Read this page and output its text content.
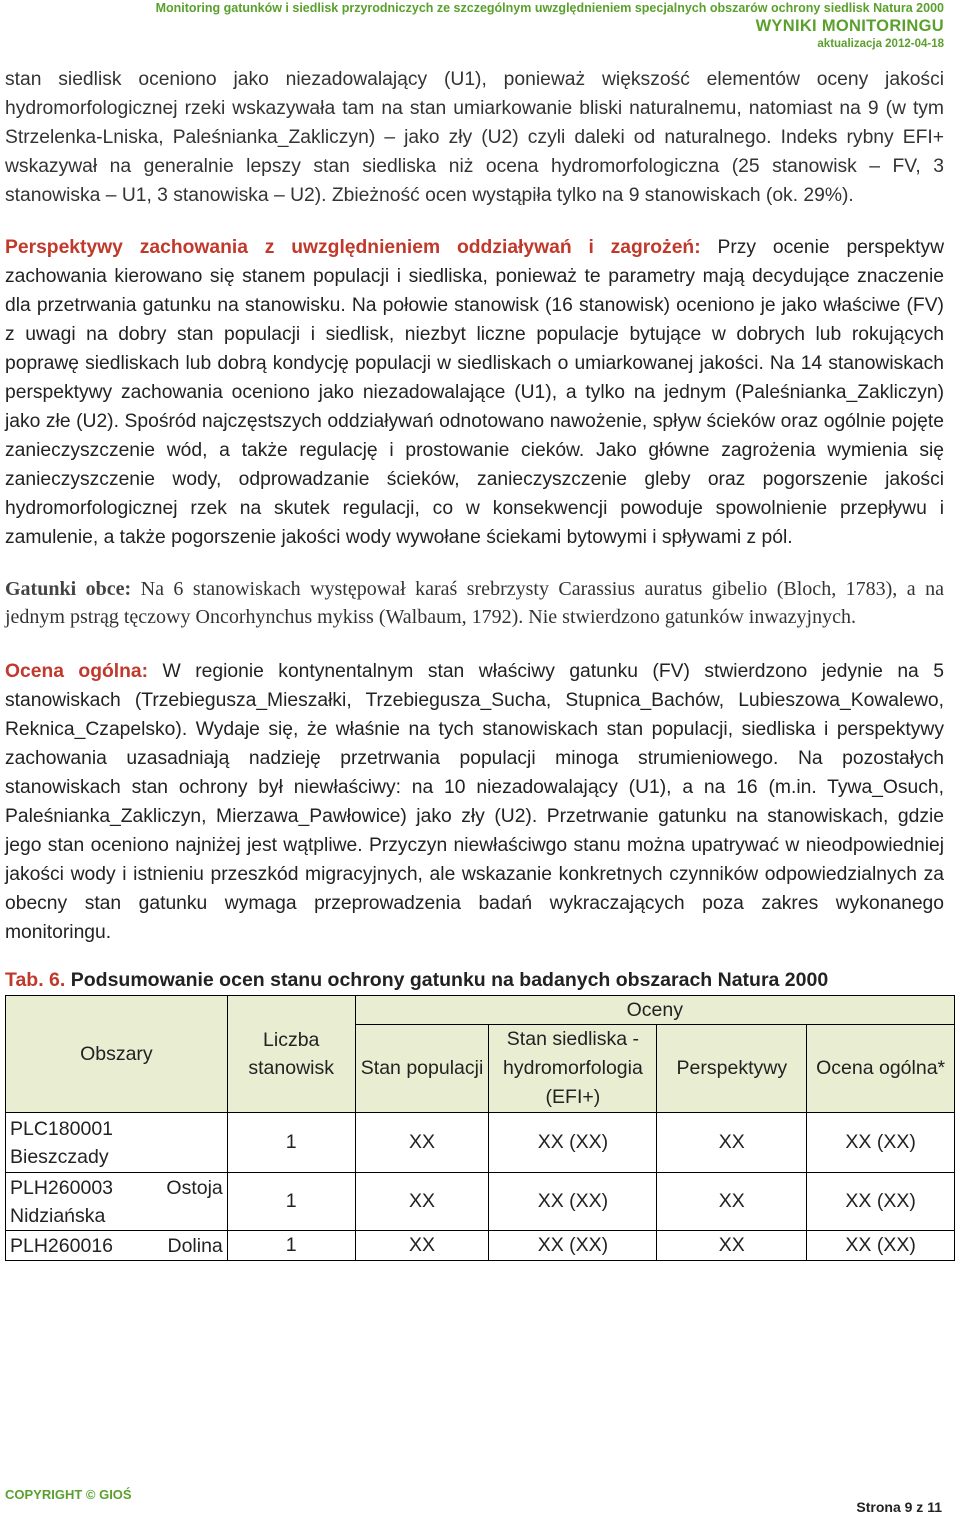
Monitoring gatunków i siedlisk przyrodniczych ze szczególnym uwzględnieniem specjalnych obszarów ochrony siedlisk Natura 2000
WYNIKI MONITORINGU
aktualizacja 2012-04-18

stan siedlisk oceniono jako niezadowalający (U1), ponieważ większość elementów oceny jakości hydromorfologicznej rzeki wskazywała tam na stan umiarkowanie bliski naturalnemu, natomiast na 9 (w tym Strzelenka-Lniska, Paleśnianka_Zakliczyn) – jako zły (U2) czyli daleki od naturalnego. Indeks rybny EFI+ wskazywał na generalnie lepszy stan siedliska niż ocena hydromorfologiczna (25 stanowisk – FV, 3 stanowiska – U1, 3 stanowiska – U2). Zbieżność ocen wystąpiła tylko na 9 stanowiskach (ok. 29%).

Perspektywy zachowania z uwzględnieniem oddziaływań i zagrożeń: Przy ocenie perspektyw zachowania kierowano się stanem populacji i siedliska, ponieważ te parametry mają decydujące znaczenie dla przetrwania gatunku na stanowisku. Na połowie stanowisk (16 stanowisk) oceniono je jako właściwe (FV) z uwagi na dobry stan populacji i siedlisk, niezbyt liczne populacje bytujące w dobrych lub rokujących poprawę siedliskach lub dobrą kondycję populacji w siedliskach o umiarkowanej jakości. Na 14 stanowiskach perspektywy zachowania oceniono jako niezadowalające (U1), a tylko na jednym (Paleśnianka_Zakliczyn) jako złe (U2). Spośród najczęstszych oddziaływań odnotowano nawożenie, spływ ścieków oraz ogólnie pojęte zanieczyszczenie wód, a także regulację i prostowanie cieków. Jako główne zagrożenia wymienia się zanieczyszczenie wody, odprowadzanie ścieków, zanieczyszczenie gleby oraz pogorszenie jakości hydromorfologicznej rzek na skutek regulacji, co w konsekwencji powoduje spowolnienie przepływu i zamulenie, a także pogorszenie jakości wody wywołane ściekami bytowymi i spływami z pól.

Gatunki obce: Na 6 stanowiskach występował karaś srebrzysty Carassius auratus gibelio (Bloch, 1783), a na jednym pstrąg tęczowy Oncorhynchus mykiss (Walbaum, 1792). Nie stwierdzono gatunków inwazyjnych.

Ocena ogólna: W regionie kontynentalnym stan właściwy gatunku (FV) stwierdzono jedynie na 5 stanowiskach (Trzebiegusza_Mieszałki, Trzebiegusza_Sucha, Stupnica_Bachów, Lubieszowa_Kowalewo, Reknica_Czapelsko). Wydaje się, że właśnie na tych stanowiskach stan populacji, siedliska i perspektywy zachowania uzasadniają nadzieję przetrwania populacji minoga strumieniowego. Na pozostałych stanowiskach stan ochrony był niewłaściwy: na 10 niezadowalający (U1), a na 16 (m.in. Tywa_Osuch, Paleśnianka_Zakliczyn, Mierzawa_Pawłowice) jako zły (U2). Przetrwanie gatunku na stanowiskach, gdzie jego stan oceniono najniżej jest wątpliwe. Przyczyn niewłaściwgo stanu można upatrywać w nieodpowiedniej jakości wody i istnieniu przeszkód migracyjnych, ale wskazanie konkretnych czynników odpowiedzialnych za obecny stan gatunku wymaga przeprowadzenia badań wykraczających poza zakres wykonanego monitoringu.

Tab. 6. Podsumowanie ocen stanu ochrony gatunku na badanych obszarach Natura 2000
Obszary	Liczba stanowisk	Oceny			
		Stan populacji	Stan siedliska - hydromorfologia (EFI+)	Perspektywy	Ocena ogólna*

PLC180001
Bieszczady	1	XX	XX (XX)	XX	XX (XX)

PLH260003 Ostoja
Nidziańska	1	XX	XX (XX)	XX	XX (XX)

PLH260016 Dolina	1	XX	XX (XX)	XX	XX (XX)
COPYRIGHT © GIOŚ
Strona 9 z 11
